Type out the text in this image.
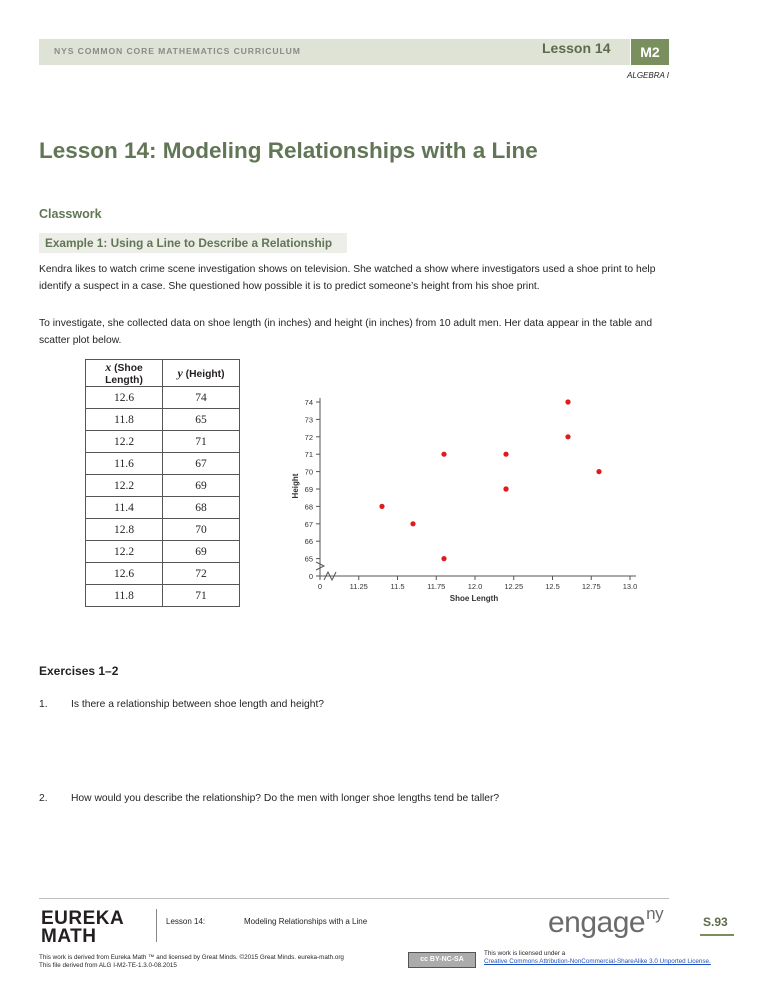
NYS COMMON CORE MATHEMATICS CURRICULUM	Lesson 14	M2
ALGEBRA I
Lesson 14: Modeling Relationships with a Line
Classwork
Example 1: Using a Line to Describe a Relationship
Kendra likes to watch crime scene investigation shows on television. She watched a show where investigators used a shoe print to help identify a suspect in a case. She questioned how possible it is to predict someone’s height from his shoe print.
To investigate, she collected data on shoe length (in inches) and height (in inches) from 10 adult men. Her data appear in the table and scatter plot below.
x (Shoe Length)	y (Height)
12.6	74
11.8	65
12.2	71
11.6	67
12.2	69
11.4	68
12.8	70
12.2	69
12.6	72
11.8	71
0
65
66
67
68
69
70
71
72
73
74
0	11.25	11.5	11.75	12.0	12.25	12.5	12.75	13.0
Height
Shoe Length
Exercises 1–2
1. Is there a relationship between shoe length and height?
2. How would you describe the relationship? Do the men with longer shoe lengths tend be taller?
EUREKA
MATH
Lesson 14:	Modeling Relationships with a Line	engage$^{ny}$	S.93
This work is derived from Eureka Math ™ and licensed by Great Minds. ©2015 Great Minds. eureka-math.org
This file derived from ALG I-M2-TE-1.3.0-08.2015
cc BY-NC-SA
This work is licensed under a
Creative Commons Attribution-NonCommercial-ShareAlike 3.0 Unported License.
